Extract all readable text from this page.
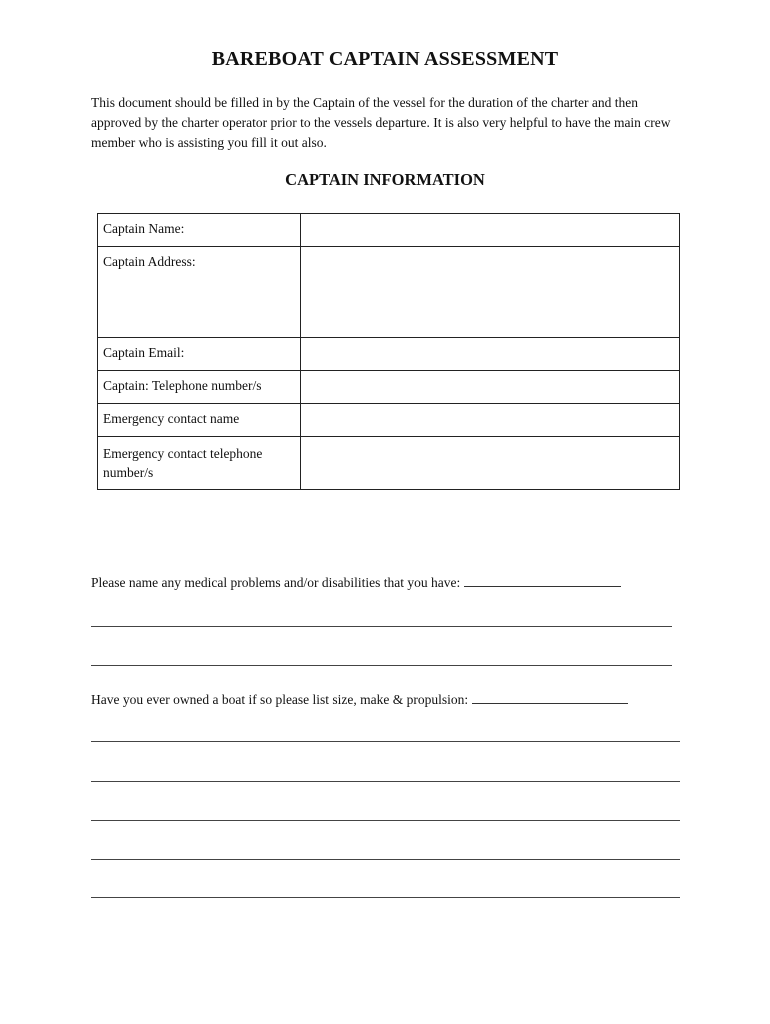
BAREBOAT CAPTAIN ASSESSMENT

This document should be filled in by the Captain of the vessel for the duration of the charter and then approved by the charter operator prior to the vessels departure. It is also very helpful to have the main crew member who is assisting you fill it out also.

CAPTAIN INFORMATION
Captain Name:	
Captain Address:	
Captain Email:	
Captain: Telephone number/s	
Emergency contact name	
Emergency contact telephone number/s	
Please name any medical problems and/or disabilities that you have:
Have you ever owned a boat if so please list size, make & propulsion:
